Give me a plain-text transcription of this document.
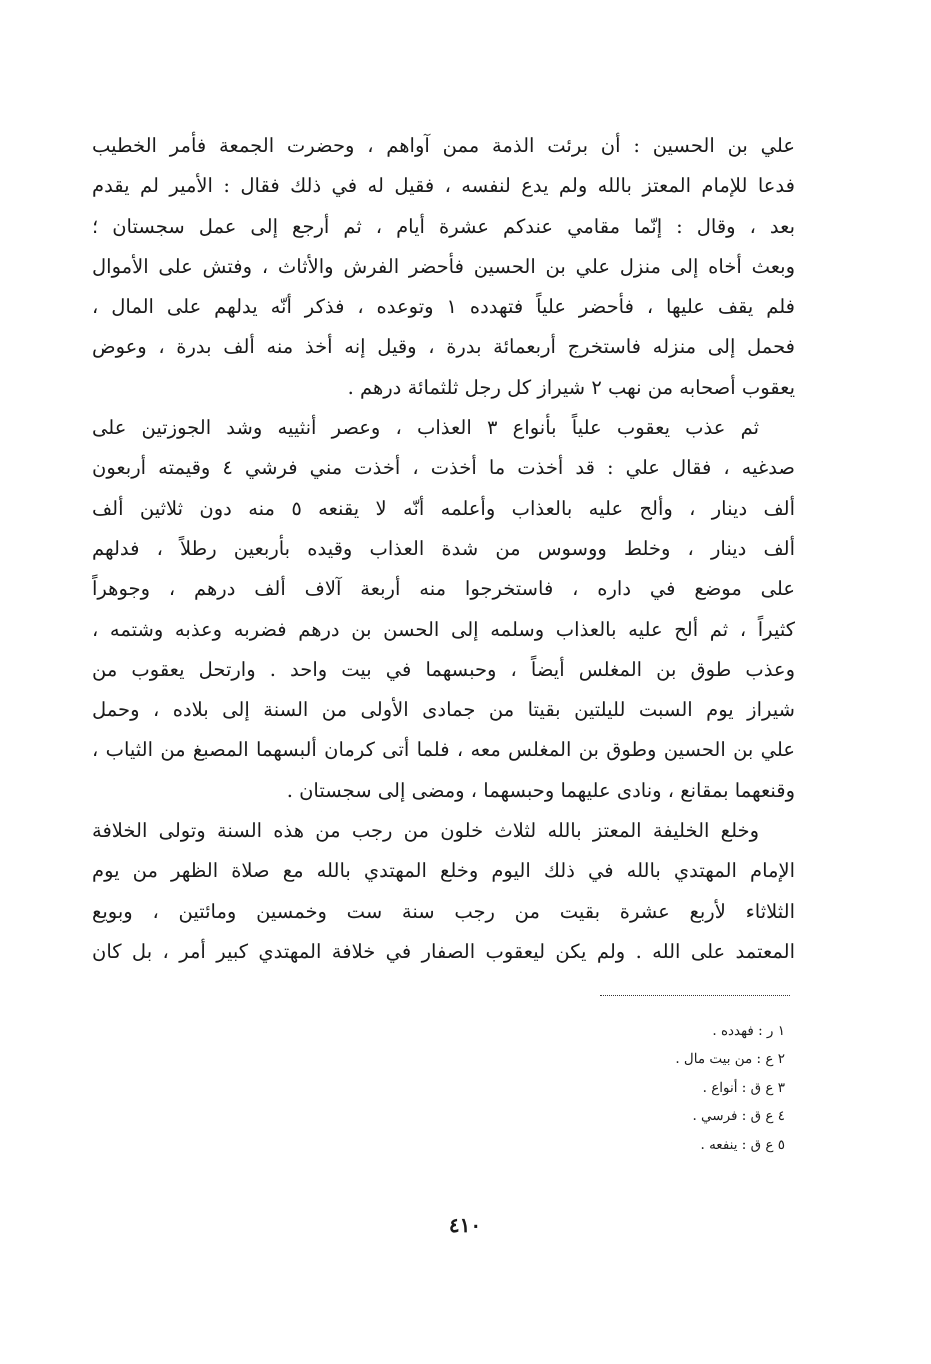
علي بن الحسين : أن برئت الذمة ممن آواهم ، وحضرت الجمعة فأمر الخطيب
فدعا للإمام المعتز بالله ولم يدع لنفسه ، فقيل له في ذلك فقال : الأمير لم يقدم
بعد ، وقال : إنّما مقامي عندكم عشرة أيام ، ثم أرجع إلى عمل سجستان ؛
وبعث أخاه إلى منزل علي بن الحسين فأحضر الفرش والأثاث ، وفتش على الأموال
فلم يقف عليها ، فأحضر علياً فتهدده ١ وتوعده ، فذكر أنّه يدلهم على المال ،
فحمل إلى منزله فاستخرج أربعمائة بدرة ، وقيل إنه أخذ منه ألف بدرة ، وعوض
يعقوب أصحابه من نهب ٢ شيراز كل رجل ثلثمائة درهم .
ثم عذب يعقوب علياً بأنواع ٣ العذاب ، وعصر أنثييه وشد الجوزتين على
صدغيه ، فقال علي : قد أخذت ما أخذت ، أخذت مني فرشي ٤ وقيمته أربعون
ألف دينار ، وألح عليه بالعذاب وأعلمه أنّه لا يقنعه ٥ منه دون ثلاثين ألف
ألف دينار ، وخلط ووسوس من شدة العذاب وقيده بأربعين رطلاً ، فدلهم
على موضع في داره ، فاستخرجوا منه أربعة آلاف ألف درهم ، وجوهراً
كثيراً ، ثم ألح عليه بالعذاب وسلمه إلى الحسن بن درهم فضربه وعذبه وشتمه ،
وعذب طوق بن المغلس أيضاً ، وحبسهما في بيت واحد . وارتحل يعقوب من
شيراز يوم السبت لليلتين بقيتا من جمادى الأولى من السنة إلى بلاده ، وحمل
علي بن الحسين وطوق بن المغلس معه ، فلما أتى كرمان ألبسهما المصبغ من الثياب ،
وقنعهما بمقانع ، ونادى عليهما وحبسهما ، ومضى إلى سجستان .
وخلع الخليفة المعتز بالله لثلاث خلون من رجب من هذه السنة وتولى الخلافة
الإمام المهتدي بالله في ذلك اليوم وخلع المهتدي بالله مع صلاة الظهر من يوم
الثلاثاء لأربع عشرة بقيت من رجب سنة ست وخمسين ومائتين ، وبويع
المعتمد على الله . ولم يكن ليعقوب الصفار في خلافة المهتدي كبير أمر ، بل كان
١ ر : فهدده .
٢ ع : من بيت مال .
٣ ع ق : أنواع .
٤ ع ق : فرسي .
٥ ع ق : ينفعه .
٤١٠
